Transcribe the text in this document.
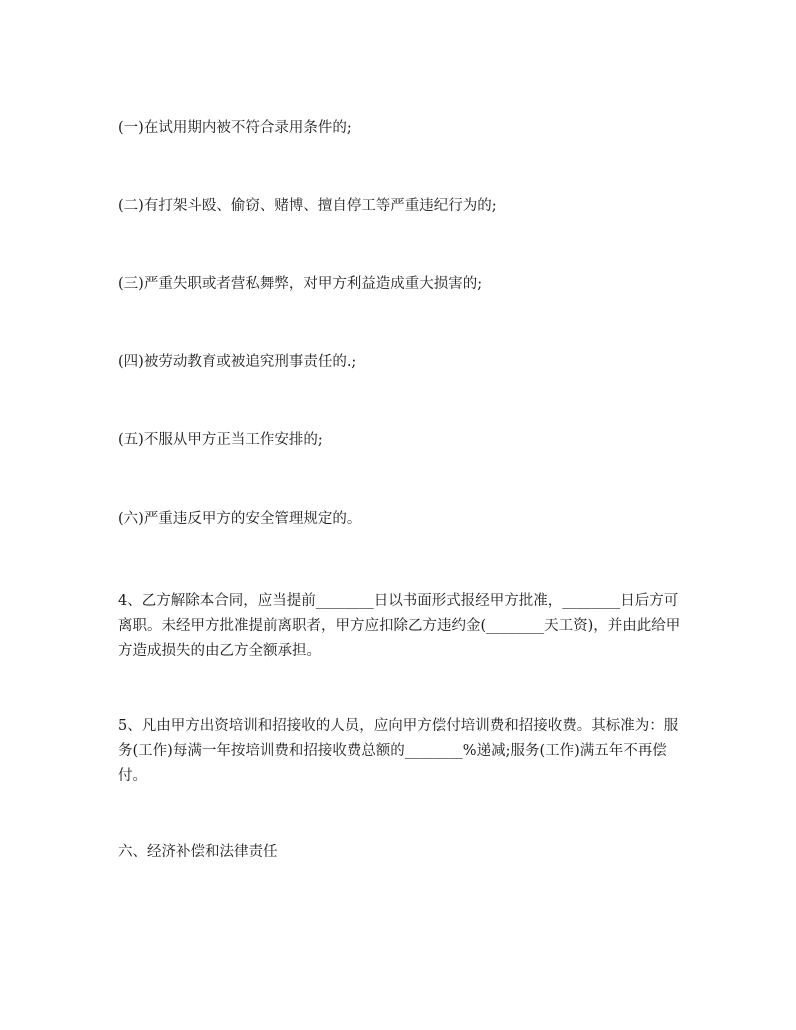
(一)在试用期内被不符合录用条件的;

(二)有打架斗殴、偷窃、赌博、擅自停工等严重违纪行为的;

(三)严重失职或者营私舞弊，对甲方利益造成重大损害的;

(四)被劳动教育或被追究刑事责任的.;

(五)不服从甲方正当工作安排的;

(六)严重违反甲方的安全管理规定的。

4、乙方解除本合同，应当提前________日以书面形式报经甲方批准，________日后方可离职。未经甲方批准提前离职者，甲方应扣除乙方违约金(________天工资)，并由此给甲方造成损失的由乙方全额承担。

5、凡由甲方出资培训和招接收的人员，应向甲方偿付培训费和招接收费。其标准为：服务(工作)每满一年按培训费和招接收费总额的________%递减;服务(工作)满五年不再偿付。

六、经济补偿和法律责任
